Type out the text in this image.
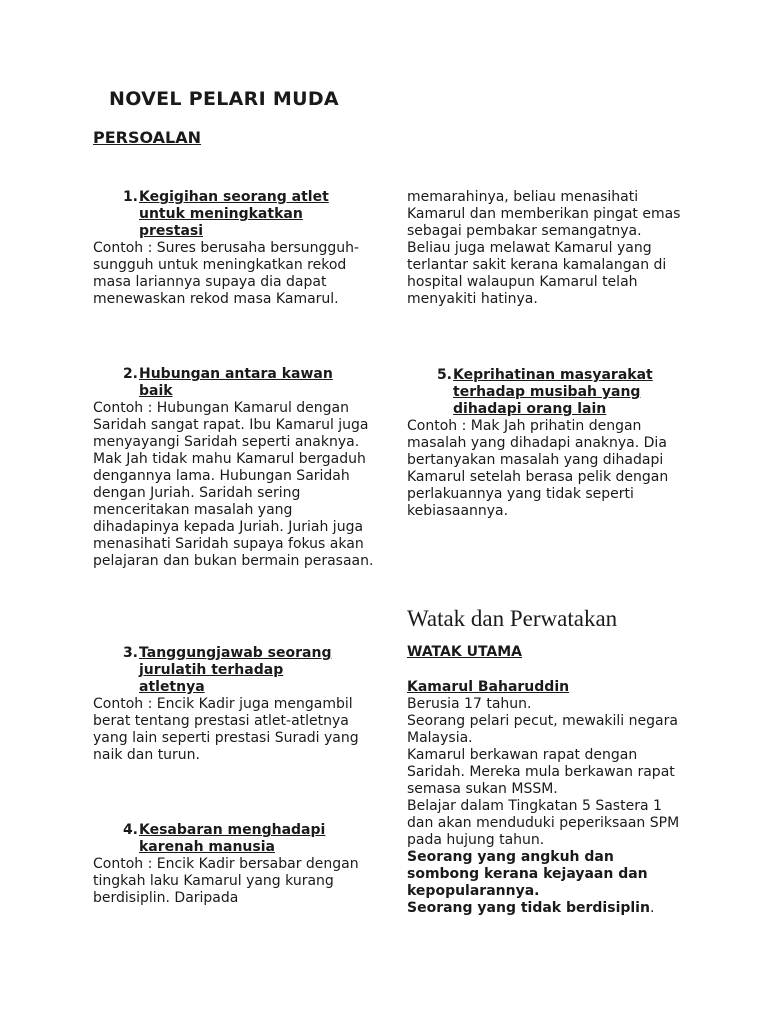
NOVEL PELARI MUDA
PERSOALAN
1. Kegigihan seorang atlet untuk meningkatkan prestasi

Contoh : Sures berusaha bersungguh-sungguh untuk meningkatkan rekod masa lariannya supaya dia dapat menewaskan rekod masa Kamarul.

2. Hubungan antara kawan baik

Contoh : Hubungan Kamarul dengan Saridah sangat rapat. Ibu Kamarul juga menyayangi Saridah seperti anaknya. Mak Jah tidak mahu Kamarul bergaduh dengannya lama. Hubungan Saridah dengan Juriah. Saridah sering menceritakan masalah yang dihadapinya kepada Juriah. Juriah juga menasihati Saridah supaya fokus akan pelajaran dan bukan bermain perasaan.

3. Tanggungjawab seorang jurulatih terhadap atletnya

Contoh : Encik Kadir juga mengambil berat tentang prestasi atlet-atletnya yang lain seperti prestasi Suradi yang naik dan turun.

4. Kesabaran menghadapi karenah manusia

Contoh : Encik Kadir bersabar dengan tingkah laku Kamarul yang kurang berdisiplin. Daripada

memarahinya, beliau menasihati Kamarul dan memberikan pingat emas sebagai pembakar semangatnya. Beliau juga melawat Kamarul yang terlantar sakit kerana kamalangan di hospital walaupun Kamarul telah menyakiti hatinya.

5. Keprihatinan masyarakat terhadap musibah yang dihadapi orang lain

Contoh : Mak Jah prihatin dengan masalah yang dihadapi anaknya. Dia bertanyakan masalah yang dihadapi Kamarul setelah berasa pelik dengan perlakuannya yang tidak seperti kebiasaannya.

Watak dan Perwatakan
WATAK UTAMA
Kamarul Baharuddin
Berusia 17 tahun.
Seorang pelari pecut, mewakili negara Malaysia.
Kamarul berkawan rapat dengan Saridah. Mereka mula berkawan rapat semasa sukan MSSM.
Belajar dalam Tingkatan 5 Sastera 1 dan akan menduduki peperiksaan SPM pada hujung tahun.
Seorang yang angkuh dan sombong kerana kejayaan dan kepopularannya.
Seorang yang tidak berdisiplin.
